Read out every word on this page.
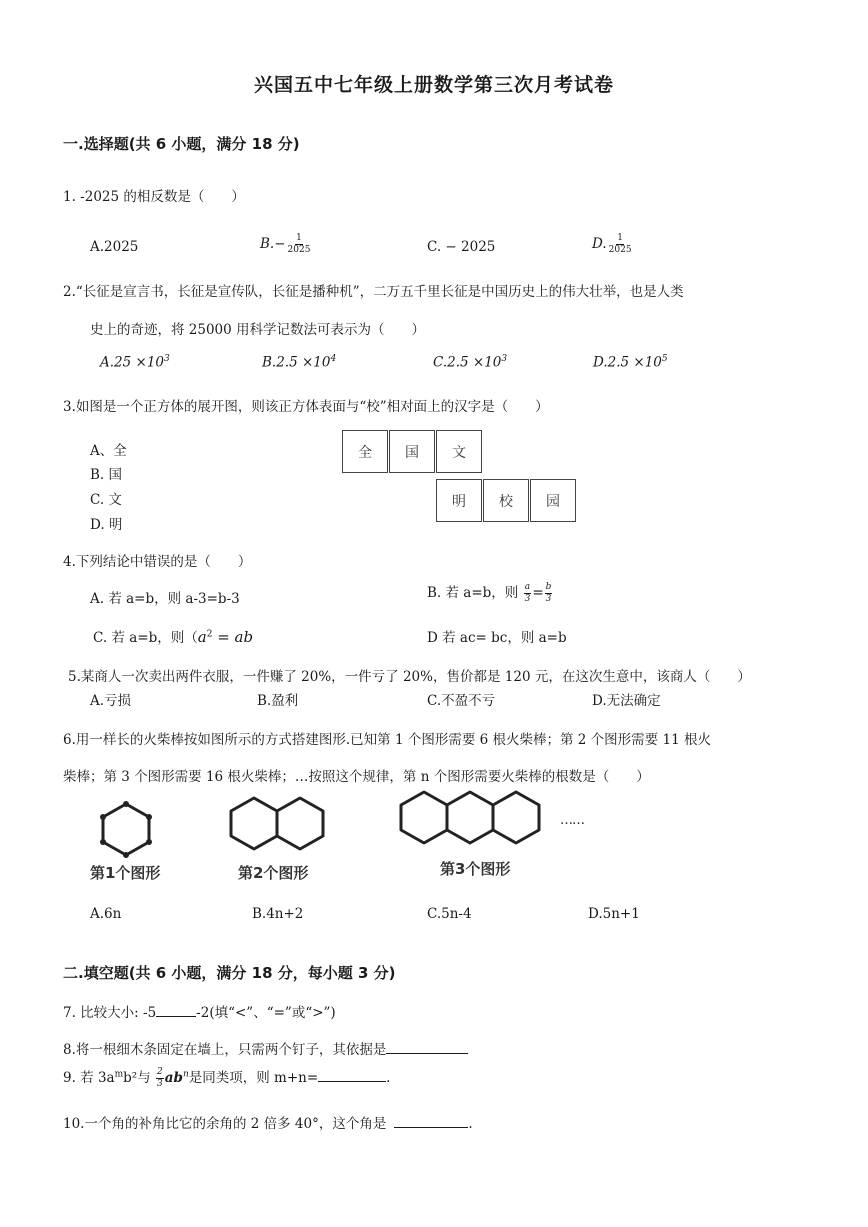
兴国五中七年级上册数学第三次月考试卷
一.选择题(共 6 小题，满分 18 分)
1. -2025 的相反数是（　　）
A.2025	$B.- \frac{1}{2025}$	C. − 2025	D. $\frac{1}{2025}$
2.“长征是宣言书，长征是宣传队，长征是播种机”，二万五千里长征是中国历史上的伟大壮举，也是人类
史上的奇迹，将 25000 用科学记数法可表示为（　　）
$A.25 \times 10^3$	$B.2.5 \times 10^4$	$C.2.5 \times 10^3$	$D.2.5 \times 10^5$
3.如图是一个正方体的展开图，则该正方体表面与“校”相对面上的汉字是（　　）
A、全
B. 国
C. 文
D. 明
全	国	文
明	校	园
4.下列结论中错误的是（　　）
A. 若 a=b，则 a-3=b-3	B. 若 a=b，则 $\frac{a}{3} = \frac{b}{3}$
C. 若 a=b，则（$a^2$ = ab	D 若 ac= bc，则 a=b
5.某商人一次卖出两件衣服，一件赚了 20%，一件亏了 20%，售价都是 120 元，在这次生意中，该商人（　　）
A.亏损	B.盈利	C.不盈不亏	D.无法确定
6.用一样长的火柴棒按如图所示的方式搭建图形.已知第 1 个图形需要 6 根火柴棒；第 2 个图形需要 11 根火
柴棒；第 3 个图形需要 16 根火柴棒；…按照这个规律，第 n 个图形需要火柴棒的根数是（　　）
……
第1个图形	第2个图形	第3个图形
A.6n	B.4n+2	C.5n-4	D.5n+1
二.填空题(共 6 小题，满分 18 分，每小题 3 分)
7. 比较大小: -5	-2(填“<”、“=”或“>”)
8.将一根细木条固定在墙上，只需两个钉子，其依据是
9. 若 $3a^mb^2$与 $\frac{2}{3} ab^n$是同类项，则 m+n=	.
10.一个角的补角比它的余角的 2 倍多 40°，这个角是	.
